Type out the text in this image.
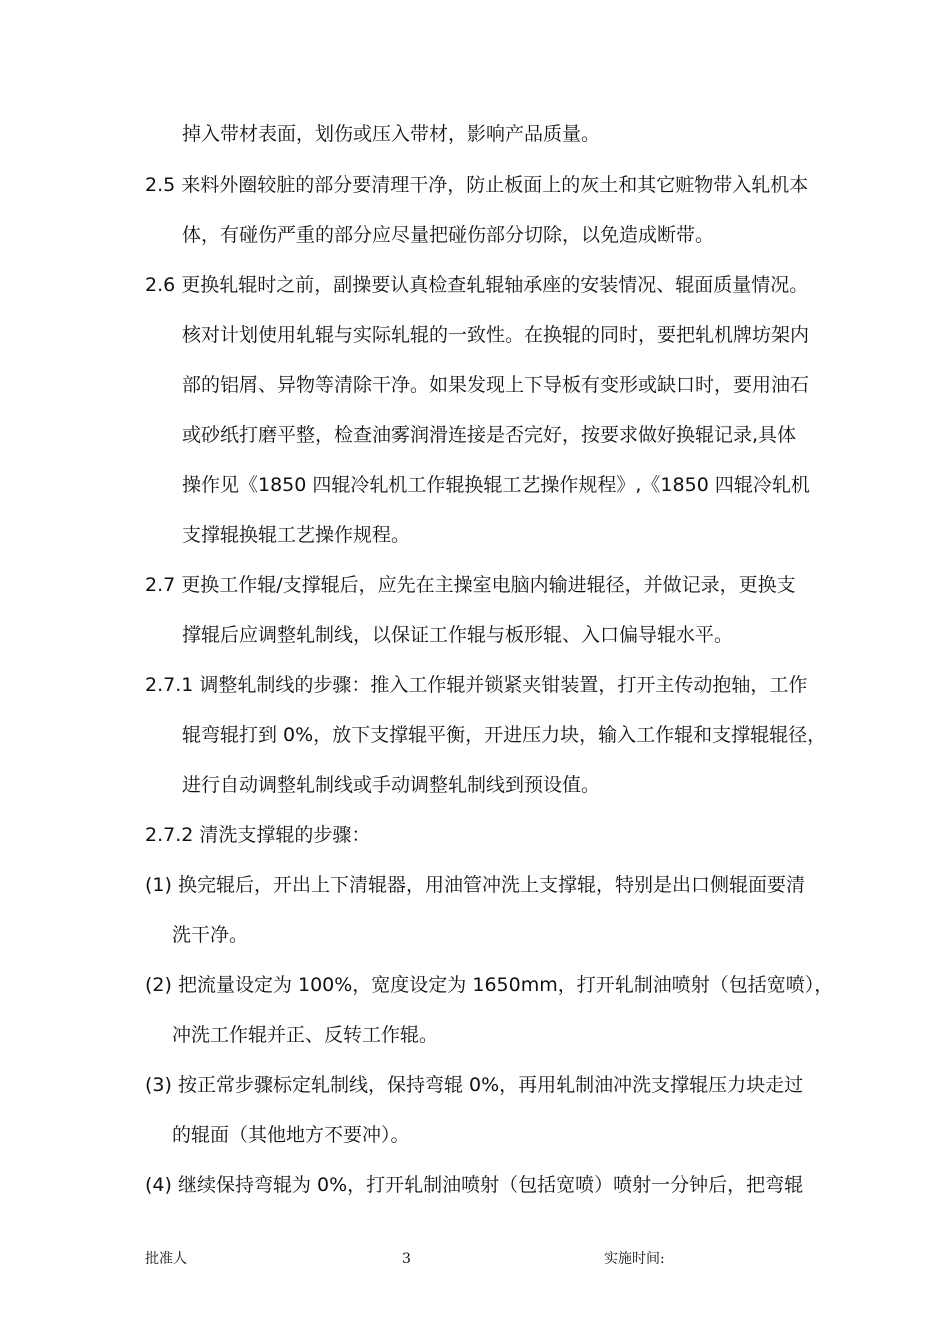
掉入带材表面，划伤或压入带材，影响产品质量。
2.5 来料外圈较脏的部分要清理干净，防止板面上的灰土和其它赃物带入轧机本
体，有碰伤严重的部分应尽量把碰伤部分切除，以免造成断带。
2.6 更换轧辊时之前，副操要认真检查轧辊轴承座的安装情况、辊面质量情况。
核对计划使用轧辊与实际轧辊的一致性。在换辊的同时，要把轧机牌坊架内
部的铝屑、异物等清除干净。如果发现上下导板有变形或缺口时，要用油石
或砂纸打磨平整，检查油雾润滑连接是否完好，按要求做好换辊记录,具体
操作见《1850 四辊冷轧机工作辊换辊工艺操作规程》,《1850 四辊冷轧机
支撑辊换辊工艺操作规程。
2.7 更换工作辊/支撑辊后，应先在主操室电脑内输进辊径，并做记录，更换支
撑辊后应调整轧制线，以保证工作辊与板形辊、入口偏导辊水平。
2.7.1 调整轧制线的步骤：推入工作辊并锁紧夹钳装置，打开主传动抱轴，工作
辊弯辊打到 0%，放下支撑辊平衡，开进压力块，输入工作辊和支撑辊辊径，
进行自动调整轧制线或手动调整轧制线到预设值。
2.7.2 清洗支撑辊的步骤：
(1) 换完辊后，开出上下清辊器，用油管冲洗上支撑辊，特别是出口侧辊面要清
洗干净。
(2) 把流量设定为 100%，宽度设定为 1650mm，打开轧制油喷射（包括宽喷），
冲洗工作辊并正、反转工作辊。
(3) 按正常步骤标定轧制线，保持弯辊 0%，再用轧制油冲洗支撑辊压力块走过
的辊面（其他地方不要冲）。
(4) 继续保持弯辊为 0%，打开轧制油喷射（包括宽喷）喷射一分钟后，把弯辊
批准人	3	实施时间:
